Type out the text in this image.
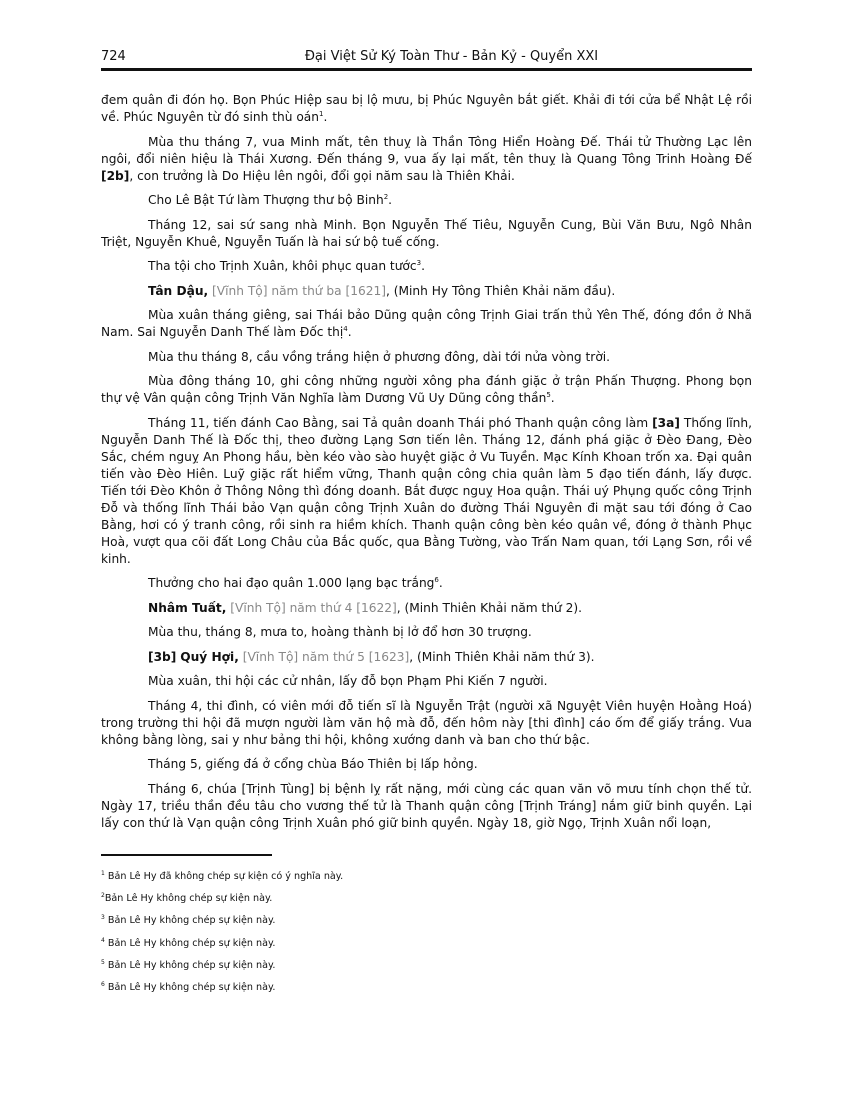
724	Đại Việt Sử Ký Toàn Thư - Bản Kỷ - Quyển XXI

đem quân đi đón họ. Bọn Phúc Hiệp sau bị lộ mưu, bị Phúc Nguyên bắt giết. Khải đi tới cửa bể Nhật Lệ rồi về. Phúc Nguyên từ đó sinh thù oán$^1$.

Mùa thu tháng 7, vua Minh mất, tên thuỵ là Thần Tông Hiển Hoàng Đế. Thái tử Thường Lạc lên ngôi, đổi niên hiệu là Thái Xương. Đến tháng 9, vua ấy lại mất, tên thuỵ là Quang Tông Trinh Hoàng Đế [2b], con trưởng là Do Hiệu lên ngôi, đổi gọi năm sau là Thiên Khải.

Cho Lê Bật Tứ làm Thượng thư bộ Binh$^2$.

Tháng 12, sai sứ sang nhà Minh. Bọn Nguyễn Thế Tiêu, Nguyễn Cung, Bùi Văn Bưu, Ngô Nhân Triệt, Nguyễn Khuê, Nguyễn Tuấn là hai sứ bộ tuế cống.

Tha tội cho Trịnh Xuân, khôi phục quan tước$^3$.

Tân Dậu, [Vĩnh Tộ] năm thứ ba [1621], (Minh Hy Tông Thiên Khải năm đầu).

Mùa xuân tháng giêng, sai Thái bảo Dũng quận công Trịnh Giai trấn thủ Yên Thế, đóng đồn ở Nhã Nam. Sai Nguyễn Danh Thế làm Đốc thị$^4$.

Mùa thu tháng 8, cầu vồng trắng hiện ở phương đông, dài tới nửa vòng trời.

Mùa đông tháng 10, ghi công những người xông pha đánh giặc ở trận Phấn Thượng. Phong bọn thự vệ Vân quận công Trịnh Văn Nghĩa làm Dương Vũ Uy Dũng công thần$^5$.

Tháng 11, tiến đánh Cao Bằng, sai Tả quân doanh Thái phó Thanh quận công làm [3a] Thống lĩnh, Nguyễn Danh Thế là Đốc thị, theo đường Lạng Sơn tiến lên. Tháng 12, đánh phá giặc ở Đèo Đang, Đèo Sắc, chém nguỵ An Phong hầu, bèn kéo vào sào huyệt giặc ở Vu Tuyền. Mạc Kính Khoan trốn xa. Đại quân tiến vào Đèo Hiên. Luỹ giặc rất hiểm vững, Thanh quận công chia quân làm 5 đạo tiến đánh, lấy được. Tiến tới Đèo Khôn ở Thông Nông thì đóng doanh. Bắt được nguỵ Hoa quận. Thái uý Phụng quốc công Trịnh Đỗ và thống lĩnh Thái bảo Vạn quận công Trịnh Xuân do đường Thái Nguyên đi mặt sau tới đóng ở Cao Bằng, hơi có ý tranh công, rồi sinh ra hiềm khích. Thanh quận công bèn kéo quân về, đóng ở thành Phục Hoà, vượt qua cõi đất Long Châu của Bắc quốc, qua Bằng Tường, vào Trấn Nam quan, tới Lạng Sơn, rồi về kinh.

Thưởng cho hai đạo quân 1.000 lạng bạc trắng$^6$.

Nhâm Tuất, [Vĩnh Tộ] năm thứ 4 [1622], (Minh Thiên Khải năm thứ 2).

Mùa thu, tháng 8, mưa to, hoàng thành bị lở đổ hơn 30 trượng.

[3b] Quý Hợi, [Vĩnh Tộ] năm thứ 5 [1623], (Minh Thiên Khải năm thứ 3).

Mùa xuân, thi hội các cử nhân, lấy đỗ bọn Phạm Phi Kiến 7 người.

Tháng 4, thi đình, có viên mới đỗ tiến sĩ là Nguyễn Trật (người xã Nguyệt Viên huyện Hoằng Hoá) trong trường thi hội đã mượn người làm văn hộ mà đỗ, đến hôm này [thi đình] cáo ốm để giấy trắng. Vua không bằng lòng, sai y như bảng thi hội, không xướng danh và ban cho thứ bậc.

Tháng 5, giếng đá ở cổng chùa Báo Thiên bị lấp hỏng.

Tháng 6, chúa [Trịnh Tùng] bị bệnh lỵ rất nặng, mới cùng các quan văn võ mưu tính chọn thế tử. Ngày 17, triều thần đều tâu cho vương thế tử là Thanh quận công [Trịnh Tráng] nắm giữ binh quyền. Lại lấy con thứ là Vạn quận công Trịnh Xuân phó giữ binh quyền. Ngày 18, giờ Ngọ, Trịnh Xuân nổi loạn,

$^1$ Bản Lê Hy đã không chép sự kiện có ý nghĩa này.
$^2$Bản Lê Hy không chép sự kiện này.
$^3$ Bản Lê Hy không chép sự kiện này.
$^4$ Bản Lê Hy không chép sự kiện này.
$^5$ Bản Lê Hy không chép sự kiện này.
$^6$ Bản Lê Hy không chép sự kiện này.
